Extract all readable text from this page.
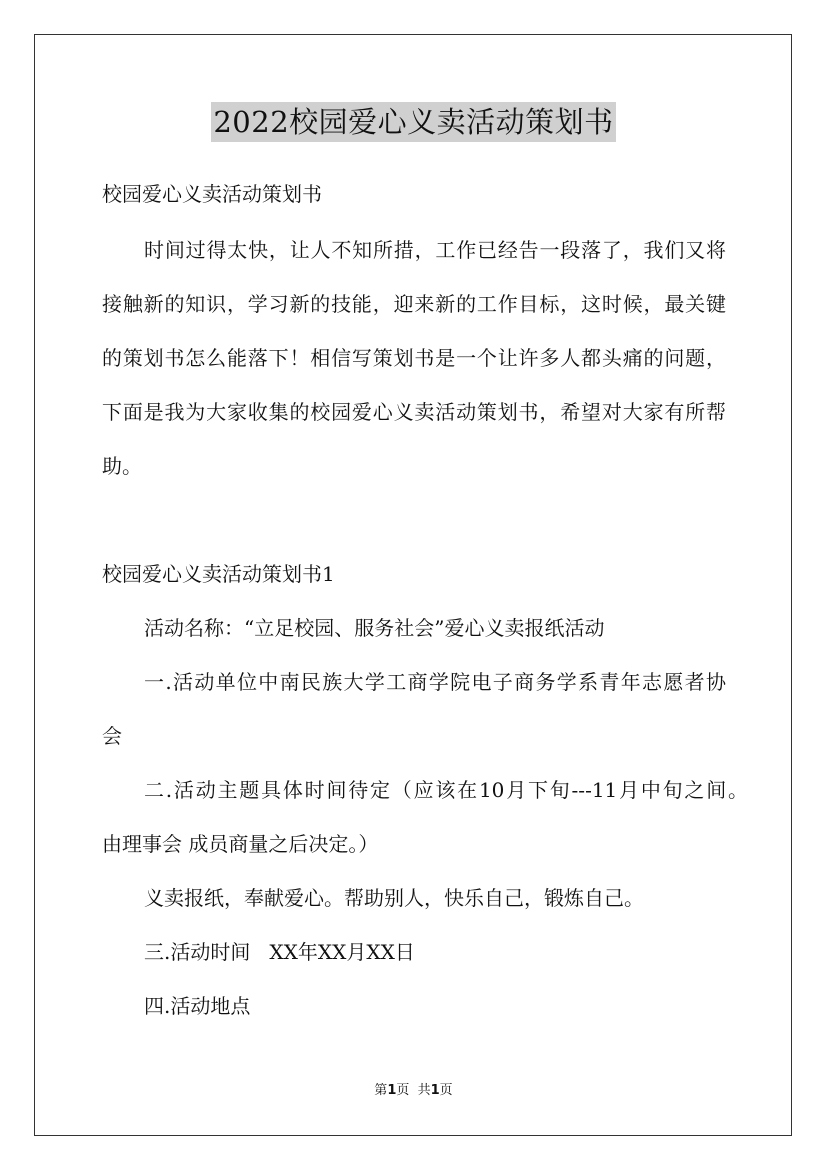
2022校园爱心义卖活动策划书
校园爱心义卖活动策划书
时间过得太快，让人不知所措，工作已经告一段落了，我们又将
接触新的知识，学习新的技能，迎来新的工作目标，这时候，最关键
的策划书怎么能落下！相信写策划书是一个让许多人都头痛的问题，
下面是我为大家收集的校园爱心义卖活动策划书，希望对大家有所帮
助。
校园爱心义卖活动策划书1
活动名称：“立足校园、服务社会”爱心义卖报纸活动
一.活动单位中南民族大学工商学院电子商务学系青年志愿者协
会
二.活动主题具体时间待定（应该在10月下旬---11月中旬之间。
由理事会 成员商量之后决定。）
义卖报纸，奉献爱心。帮助别人，快乐自己，锻炼自己。
三.活动时间   XX年XX月XX日
四.活动地点
第1页  共1页
